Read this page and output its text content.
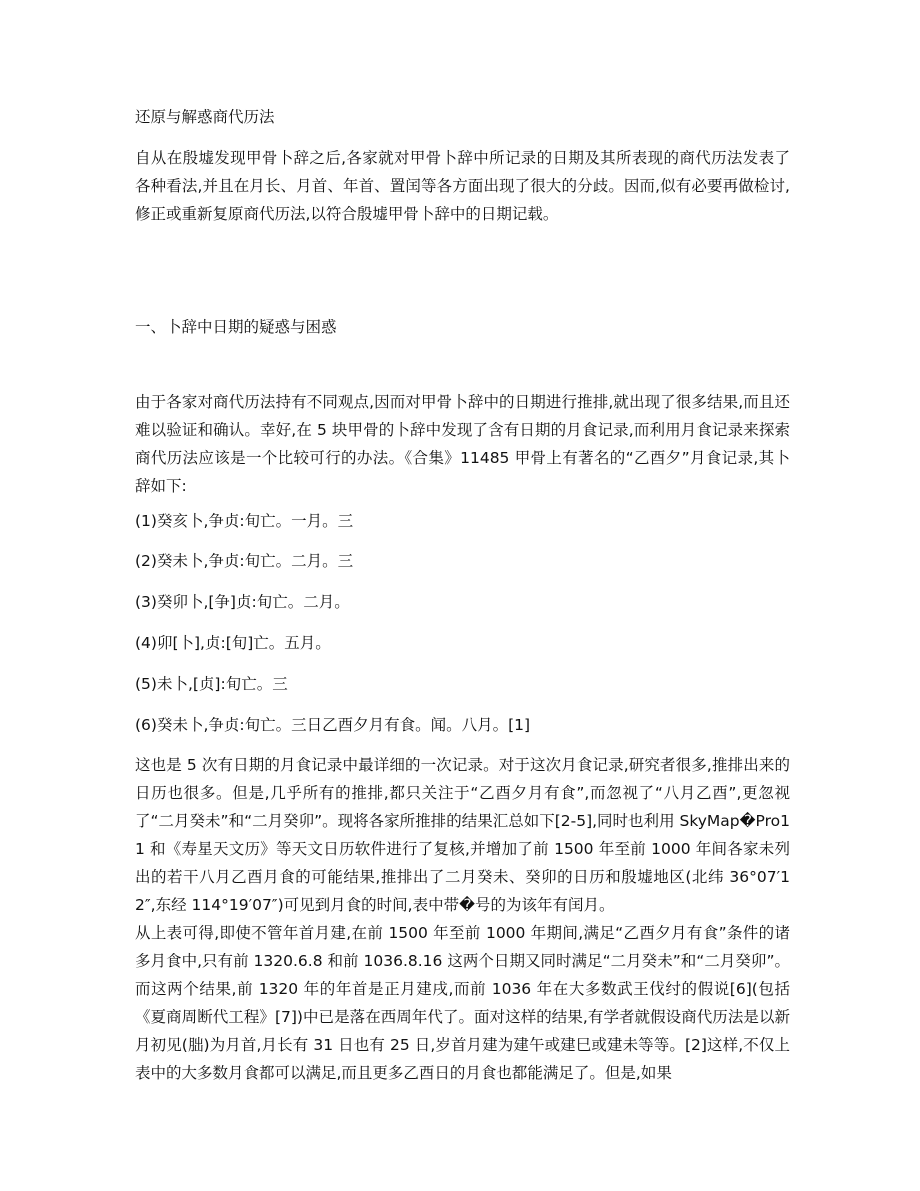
还原与解惑商代历法

自从在殷墟发现甲骨卜辞之后,各家就对甲骨卜辞中所记录的日期及其所表现的商代历法发表了各种看法,并且在月长、月首、年首、置闰等各方面出现了很大的分歧。因而,似有必要再做检讨,修正或重新复原商代历法,以符合殷墟甲骨卜辞中的日期记载。

一、卜辞中日期的疑惑与困惑

由于各家对商代历法持有不同观点,因而对甲骨卜辞中的日期进行推排,就出现了很多结果,而且还难以验证和确认。幸好,在 5 块甲骨的卜辞中发现了含有日期的月食记录,而利用月食记录来探索商代历法应该是一个比较可行的办法。《合集》11485 甲骨上有著名的“乙酉夕”月食记录,其卜辞如下:

(1)癸亥卜,争贞:旬亡。一月。三

(2)癸未卜,争贞:旬亡。二月。三

(3)癸卯卜,[争]贞:旬亡。二月。

(4)卯[卜],贞:[旬]亡。五月。

(5)未卜,[贞]:旬亡。三

(6)癸未卜,争贞:旬亡。三日乙酉夕月有食。闻。八月。[1]

这也是 5 次有日期的月食记录中最详细的一次记录。对于这次月食记录,研究者很多,推排出来的日历也很多。但是,几乎所有的推排,都只关注于“乙酉夕月有食”,而忽视了“八月乙酉”,更忽视了“二月癸未”和“二月癸卯”。现将各家所推排的结果汇总如下[2-5],同时也利用 SkyMap�Pro11 和《寿星天文历》等天文日历软件进行了复核,并增加了前 1500 年至前 1000 年间各家未列出的若干八月乙酉月食的可能结果,推排出了二月癸未、癸卯的日历和殷墟地区(北纬 36°07′12″,东经 114°19′07″)可见到月食的时间,表中带�号的为该年有闰月。

从上表可得,即使不管年首月建,在前 1500 年至前 1000 年期间,满足“乙酉夕月有食”条件的诸多月食中,只有前 1320.6.8 和前 1036.8.16 这两个日期又同时满足“二月癸未”和“二月癸卯”。而这两个结果,前 1320 年的年首是正月建戌,而前 1036 年在大多数武王伐纣的假说[6](包括《夏商周断代工程》[7])中已是落在西周年代了。面对这样的结果,有学者就假设商代历法是以新月初见(朏)为月首,月长有 31 日也有 25 日,岁首月建为建午或建巳或建未等等。[2]这样,不仅上表中的大多数月食都可以满足,而且更多乙酉日的月食也都能满足了。但是,如果
